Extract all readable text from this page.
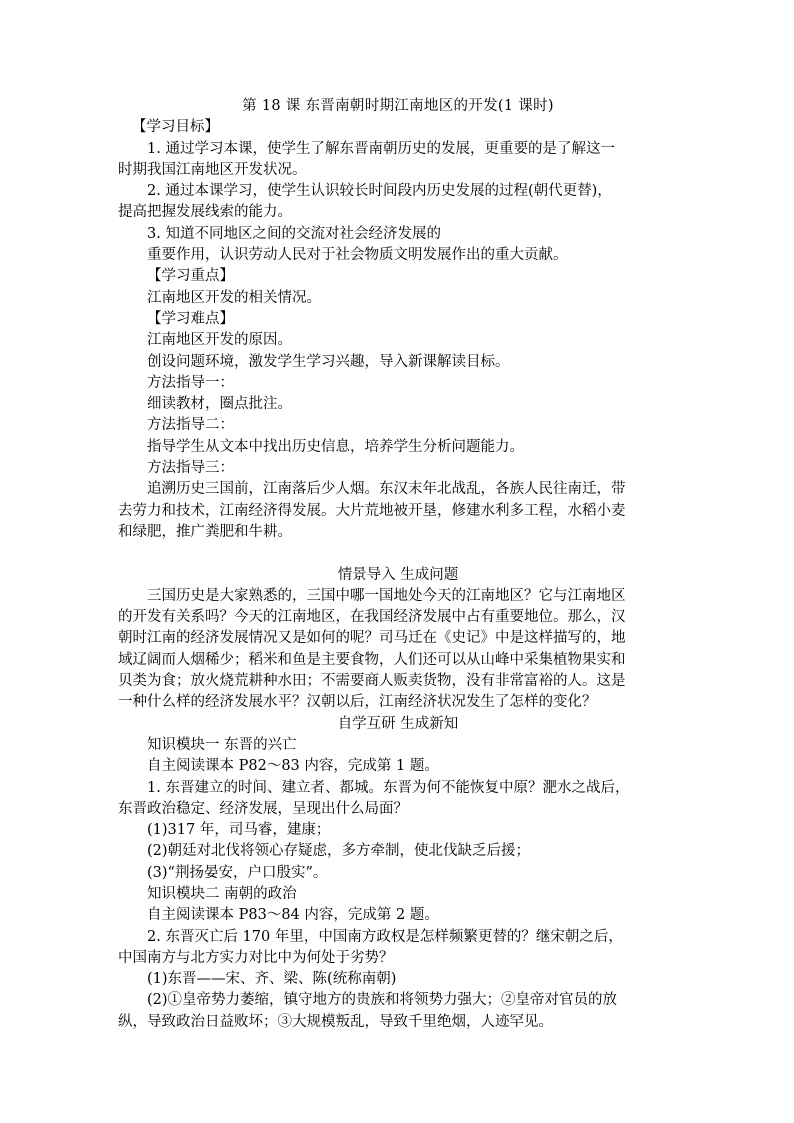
第 18 课 东晋南朝时期江南地区的开发(1 课时)
【学习目标】
1. 通过学习本课，使学生了解东晋南朝历史的发展，更重要的是了解这一
时期我国江南地区开发状况。
2. 通过本课学习，使学生认识较长时间段内历史发展的过程(朝代更替)，
提高把握发展线索的能力。
3. 知道不同地区之间的交流对社会经济发展的
重要作用，认识劳动人民对于社会物质文明发展作出的重大贡献。
【学习重点】
江南地区开发的相关情况。
【学习难点】
江南地区开发的原因。
创设问题环境，激发学生学习兴趣，导入新课解读目标。
方法指导一：
细读教材，圈点批注。
方法指导二：
指导学生从文本中找出历史信息，培养学生分析问题能力。
方法指导三：
追溯历史三国前，江南落后少人烟。东汉末年北战乱，各族人民往南迁，带
去劳力和技术，江南经济得发展。大片荒地被开垦，修建水利多工程，水稻小麦
和绿肥，推广粪肥和牛耕。
情景导入 生成问题
三国历史是大家熟悉的，三国中哪一国地处今天的江南地区？它与江南地区
的开发有关系吗？今天的江南地区，在我国经济发展中占有重要地位。那么，汉
朝时江南的经济发展情况又是如何的呢？司马迁在《史记》中是这样描写的，地
域辽阔而人烟稀少；稻米和鱼是主要食物，人们还可以从山峰中采集植物果实和
贝类为食；放火烧荒耕种水田；不需要商人贩卖货物，没有非常富裕的人。这是
一种什么样的经济发展水平？汉朝以后，江南经济状况发生了怎样的变化？
自学互研 生成新知
知识模块一 东晋的兴亡
自主阅读课本 P82～83 内容，完成第 1 题。
1. 东晋建立的时间、建立者、都城。东晋为何不能恢复中原？淝水之战后，
东晋政治稳定、经济发展，呈现出什么局面？
(1)317 年，司马睿，建康；
(2)朝廷对北伐将领心存疑虑，多方牵制，使北伐缺乏后援；
(3)“荆扬晏安，户口殷实”。
知识模块二 南朝的政治
自主阅读课本 P83～84 内容，完成第 2 题。
2. 东晋灭亡后 170 年里，中国南方政权是怎样频繁更替的？继宋朝之后，
中国南方与北方实力对比中为何处于劣势？
(1)东晋——宋、齐、梁、陈(统称南朝)
(2)①皇帝势力萎缩，镇守地方的贵族和将领势力强大；②皇帝对官员的放
纵，导致政治日益败坏；③大规模叛乱，导致千里绝烟，人迹罕见。
